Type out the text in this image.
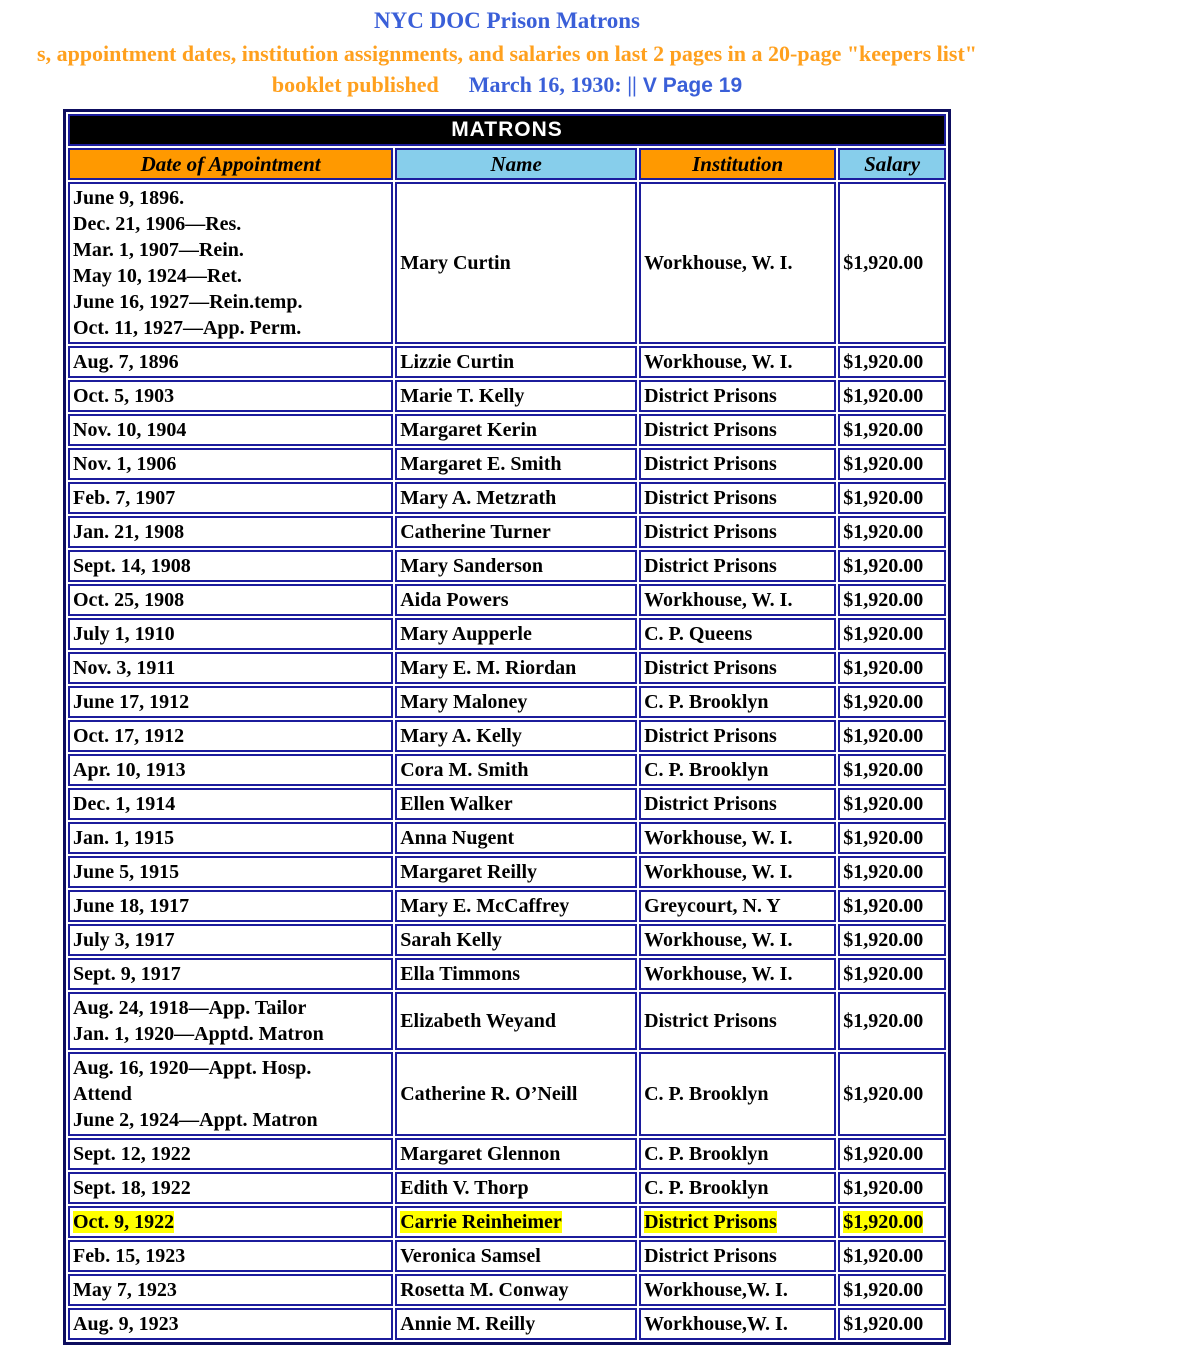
NYC DOC Prison Matrons
s, appointment dates, institution assignments, and salaries on last 2 pages in a 20-page "keepers list"
booklet published March 16, 1930: || V Page 19
MATRONS			
Date of Appointment	Name	Institution	Salary

June 9, 1896.
Dec. 21, 1906—Res.
Mar. 1, 1907—Rein.
May 10, 1924—Ret.
June 16, 1927—Rein.temp.
Oct. 11, 1927—App. Perm.
	Mary Curtin	Workhouse, W. I.	$1,920.00

Aug. 7, 1896	Lizzie Curtin	Workhouse, W. I.	$1,920.00

Oct. 5, 1903	Marie T. Kelly	District Prisons	$1,920.00

Nov. 10, 1904	Margaret Kerin	District Prisons	$1,920.00

Nov. 1, 1906	Margaret E. Smith	District Prisons	$1,920.00

Feb. 7, 1907	Mary A. Metzrath	District Prisons	$1,920.00

Jan. 21, 1908	Catherine Turner	District Prisons	$1,920.00

Sept. 14, 1908	Mary Sanderson	District Prisons	$1,920.00

Oct. 25, 1908	Aida Powers	Workhouse, W. I.	$1,920.00

July 1, 1910	Mary Aupperle	C. P. Queens	$1,920.00

Nov. 3, 1911	Mary E. M. Riordan	District Prisons	$1,920.00

June 17, 1912	Mary Maloney	C. P. Brooklyn	$1,920.00

Oct. 17, 1912	Mary A. Kelly	District Prisons	$1,920.00

Apr. 10, 1913	Cora M. Smith	C. P. Brooklyn	$1,920.00

Dec. 1, 1914	Ellen Walker	District Prisons	$1,920.00

Jan. 1, 1915	Anna Nugent	Workhouse, W. I.	$1,920.00

June 5, 1915	Margaret Reilly	Workhouse, W. I.	$1,920.00

June 18, 1917	Mary E. McCaffrey	Greycourt, N. Y	$1,920.00

July 3, 1917	Sarah Kelly	Workhouse, W. I.	$1,920.00

Sept. 9, 1917	Ella Timmons	Workhouse, W. I.	$1,920.00

Aug. 24, 1918—App. Tailor
Jan. 1, 1920—Apptd. Matron	Elizabeth Weyand	District Prisons	$1,920.00

Aug. 16, 1920—Appt. Hosp.
Attend
June 2, 1924—Appt. Matron	Catherine R. O’Neill	C. P. Brooklyn	$1,920.00

Sept. 12, 1922	Margaret Glennon	C. P. Brooklyn	$1,920.00

Sept. 18, 1922	Edith V. Thorp	C. P. Brooklyn	$1,920.00

Oct. 9, 1922	Carrie Reinheimer	District Prisons	$1,920.00

Feb. 15, 1923	Veronica Samsel	District Prisons	$1,920.00

May 7, 1923	Rosetta M. Conway	Workhouse,W. I.	$1,920.00

Aug. 9, 1923	Annie M. Reilly	Workhouse,W. I.	$1,920.00
